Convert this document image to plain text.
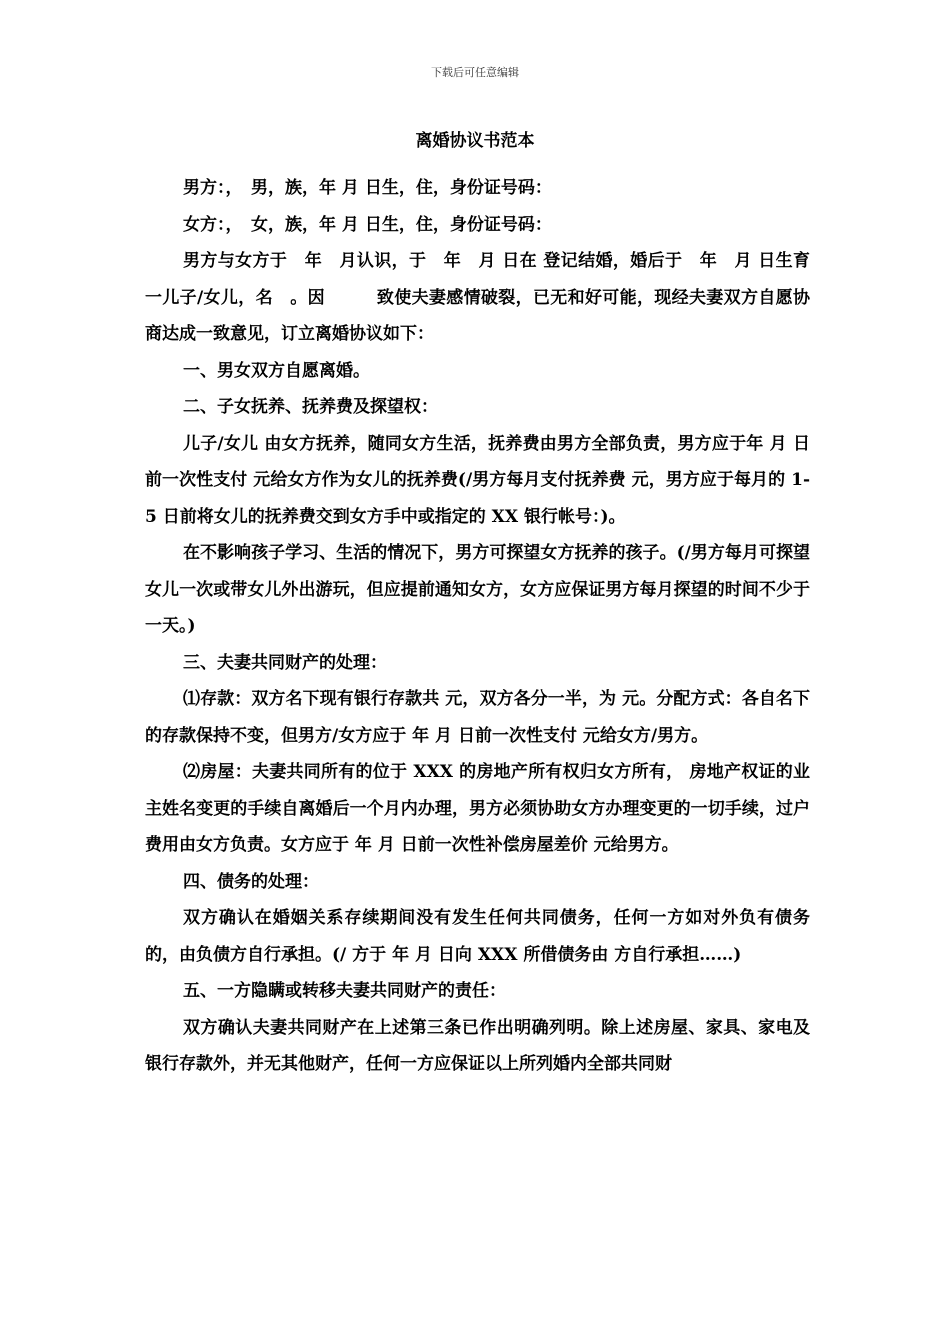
下载后可任意编辑
离婚协议书范本

男方：，　男，族，年 月 日生，住，身份证号码：

女方：，　女，族，年 月 日生，住，身份证号码：

男方与女方于　年　月认识，于　年　月 日在 登记结婚，婚后于　年　月 日生育一儿子/女儿，名　。因　　　致使夫妻感情破裂，已无和好可能，现经夫妻双方自愿协商达成一致意见，订立离婚协议如下：

一、男女双方自愿离婚。

二、子女抚养、抚养费及探望权：

儿子/女儿 由女方抚养，随同女方生活，抚养费由男方全部负责，男方应于年 月 日前一次性支付 元给女方作为女儿的抚养费(/男方每月支付抚养费 元，男方应于每月的 1-5 日前将女儿的抚养费交到女方手中或指定的 XX 银行帐号：)。

在不影响孩子学习、生活的情况下，男方可探望女方抚养的孩子。(/男方每月可探望女儿一次或带女儿外出游玩，但应提前通知女方，女方应保证男方每月探望的时间不少于一天。)

三、夫妻共同财产的处理：

⑴存款：双方名下现有银行存款共 元，双方各分一半，为 元。分配方式：各自名下的存款保持不变，但男方/女方应于 年 月 日前一次性支付 元给女方/男方。

⑵房屋：夫妻共同所有的位于 XXX 的房地产所有权归女方所有， 房地产权证的业主姓名变更的手续自离婚后一个月内办理，男方必须协助女方办理变更的一切手续，过户费用由女方负责。女方应于 年 月 日前一次性补偿房屋差价 元给男方。

四、债务的处理：

双方确认在婚姻关系存续期间没有发生任何共同债务，任何一方如对外负有债务的，由负债方自行承担。(/ 方于 年 月 日向 XXX 所借债务由 方自行承担……)

五、一方隐瞒或转移夫妻共同财产的责任：

双方确认夫妻共同财产在上述第三条已作出明确列明。除上述房屋、家具、家电及银行存款外，并无其他财产，任何一方应保证以上所列婚内全部共同财
